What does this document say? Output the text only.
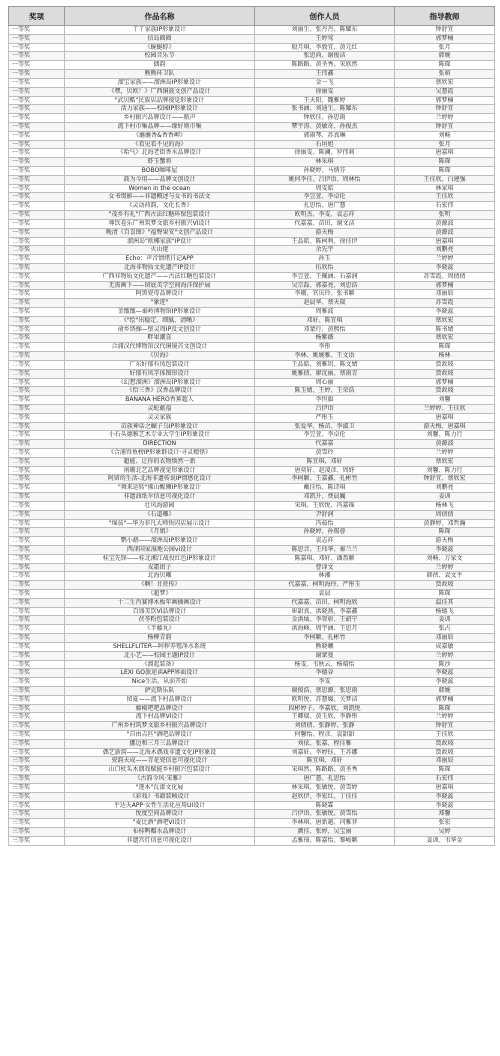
奖项	作品名称	创作人员	指导教师
一等奖	丫丫家族IP形象设计	刘丽生、张丹丹、陈耀东	钟舒宜
一等奖	信岛圈圈	王婷莺	郭梦楠
一等奖	《蜿蜒蜉》	殷月琪、李敦宜、黄元红	张月
一等奖	校园音乐节	张思尚、谢俊洁	韩婉
一等奖	偶韵	陈路路、黄圣秀、宋欣然	陈琛
一等奖	熊熊环卫队	王伟鑫	张萌
一等奖	溜宝家族——溜洲岛IP形象设计	金一飞	蔡欣宏
一等奖	《嘿，贝欧！》广西铜鼓文创产品设计	徐丽雯	吴慧霞
一等奖	"武贝酷"民族店品牌视觉形象设计	王天阳、魏雅婷	郭梦楠
一等奖	活力家族——校园IP形象设计	张书涵、刘迪生、陈耀东	钟舒宜
一等奖	乡村振兴品牌设计——瓶声	钟欣佳、孙思雨	兰婷婷
一等奖	流下村市集品牌——缘好则市集	覃宇涛、黄敏奇、孙俊杰	钟舒宜
一等奖	《蘸蘸香&香香岬》	郭雨琴、苏真琳	刘畅
一等奖	《看见看不见的海》	石垣旭	张月
一等奖	《哈气》北海老街香水品牌设计	徐丽雯、陈澜、罗伟莉	唐嘉琪
一等奖	虾玉蟹将	林采琪	陈琛
一等奖	BOBO咖啡屋	孙晓婷、马炳芬	陈琛
一等奖	鼓为今用——品牌文创设计	姚何李佳、吕伊语、周林怡	王佳欣、白建强
一等奖	Women in the ocean	周雯皓	林家琪
一等奖	女书缀影——非遗概述与女书的书法文	李昱萱、李卓伦	王佳欣
一等奖	《灵动荷韵，文化长香》	孔思怡、唐广慧	石宏伟
一等奖	"茂乡有礼"广西古法红糖环保包装设计	欧明杰、李雯、袁志祥	张明
一等奖	尊饮卷乐广州筑梦文旅乡村振兴VI设计	代嘉嘉、苗田、谢文洁	黄源波
一等奖	晚清《百喜图》"福臀果安"文创产品设计	游天梅	黄源波
二等奖	溜洲岛"欧椰家族"IP设计	王品皓、陈柯利、徐佳伊	唐嘉琪
二等奖	火山佬	余先宇	刘鹏亮
二等奖	Echo：声音情绪日记APP	孙玉	兰婷婷
二等奖	北海非物质文化遗产IP设计	伍欣怡	李晓蕊
二等奖	广西非物质文化遗产——古法红糖包装设计	李昱萱、王佩涵、石嘉润	苏雪霞、周倩倩
二等奖	无需画下——留底美学空间海洋保护展	吴宗磊、郭嘉亮、刘思浩	郭梦楠
二等奖	阿黑瓷母品牌设计	李珊、官庆玲、张书颖	邓丽辰
二等奖	"象迹"	赵晨华、蔡天瑞	苏雪霞
二等奖	釜甑甑—秦岭博物馆IP形象设计	周雅波	李晓蕊
二等奖	《"绘"出稳定、细腻、清晰》	邓轩、陈宜琪	蔡欣宏
二等奖	俞乡绣操—壁灵周IP及文创设计	邓蒙行、黄熙怡	陈书婧
二等奖	畔果潮喜	杨紫薇	蔡欣宏
二等奖	合浦汉代博物馆汉代铜镜首文创设计	李彤	陈琛
二等奖	《贝海》	李林、姚婉雅、王文语	杨林
二等奖	广东好郁有凤包装设计	王品皓、刘雅玥、陈文婧	贾政坡
二等奖	好郁有凤字体图形设计	姚雅倩、廖沈丽、蔡雨青	贾政坡
二等奖	《幻想溜洲》溜洲岛IP形象设计	周心丽	郭梦楠
二等奖	《恰三香》汉香品牌设计	陈玉婧、王婷、王荣浩	贾政坡
二等奖	BANANA HERO香蕉超人	李恒旗	刘馨
二等奖	灵蛇献福	吕伊语	兰婷婷、王佳欣
二等奖	灵灵家族	严彤玉	唐嘉琪
二等奖	苗族神话之蝴子乌IP形象设计	张爱华、杨苗、李淑卫	游天梅、唐嘉琪
二等奖	小石头德雅艺术专业大学生IP形象设计	李昱萱、李卓伦	刘馨、陈力行
二等奖	DIRECTION	代嘉嘉	黄源波
二等奖	《合浦得鱼榜IP形象群设计·寻灵精怪》	黄雪玲	兰婷婷
二等奖	超能、让你的衣物焕然一新	陈宜琪、邓轩	蔡欣宏
二等奖	南珊北艺品牌视觉形象设计	唐奕轩、赵凌彦、周妤	刘馨、陈力行
二等奖	阿留的生活-北海非遗传说IP情感化设计	李柯颖、王嘉鑫、孔彬竹	钟舒宜、蔡欣宏
二等奖	"舞来运转"佛山醒狮IP形象设计	戴佳怡、陈诗琪	刘鹏亮
二等奖	非遗油纸伞信息可视化设计	邓凯升、费晨巍	姜训
二等奖	壮风海游园	宋琪、王欣悦、冯嘉瑶	杨林飞
二等奖	《石道雕》	尹舒润	周倩倩
二等奖	"绵茄"—华为非凡大师快闪店展示设计	冯茹怡	黄静婷、邓哲瀚
二等奖	《月娘》	孙晓婷、孙锡蓉	陈琛
二等奖	鹦小鹉——溜洲岛IP形象设计	袁志祥	游天梅
二等奖	西津国家湿地公园vi设计	陈思音、王玮华、秦兰兰	李晓蕊
二等奖	桂宝先锋——桂北湘江战役红色IP形象设计	陈嘉琪、邓轩、潘盈颖	刘畅、万家文
二等奖	戎霜团子	曹译文	兰婷婷
二等奖	北海贝雕	林湘	韩蓓、袁文平
二等奖	《啊！甘蔗传》	代嘉嘉、柯明海玲、严彤玉	贾政坡
二等奖	《超梦》	袁晨	陈琛
二等奖	十二生肖赛博木板年画插画设计	代嘉嘉、苗田、柯明海欣	温佳其
二等奖	百盛美饮VI品牌设计	崔甜真、洪晓燕、李嘉鑫	杨德飞
二等奖	茯苓粉包装设计	金洪灿、李智彰、王韶宁	姜训
二等奖	《半藤丸》	洪海峰、周宇涵、王思月	张占
二等奖	杨柳青韵	李柯颖、孔彬竹	邓丽辰
二等奖	SHELLFLITER—阿秽养殖净水系统	熊晓曦	成嘉敏
二等奖	北小艺——校园主题IP设计	谢蒙曼	兰婷婷
二等奖	《溜起装备》	杨雯、韦秋云、杨晴怡	陈沙
二等奖	LEXI GO旅途读APP界面设计	李德谷	李晓蕊
二等奖	Nice生活，从而开始	李雯	李晓蕊
三等奖	萨克斯乐队	谢俊浩、蔡思源、张思雨	韩婉
三等奖	留夏——流下村品牌设计	欧明悦、苏慧媛、关梦洁	郭梦楠
三等奖	藤椒吧吧品牌设计	段彬婷子、李嘉欣、刘凯悦	陈琛
三等奖	流下村品牌VI设计	王卿瑞、黄玉欣、李静彤	兰婷婷
三等奖	广州乡村筑梦文旅乡村振兴品牌设计	刘倩倩、张静婷、张静	钟舒宜
三等奖	"自由吉匹"酒吧品牌设计	何馨怡、程彦、袁甜甜	王佳欣
三等奖	挪边和三月三品牌设计	刘依、张嘉、程佳雅	贾政坡
三等奖	偶艺新韵——北海木偶戏非遗文化IP形象设	刘嘉轩、李婷钰、王苏娜	贾政坡
三等奖	瓷韵天成——青花瓷信息可视化设计	陈宜琪、邓轩	邓丽辰
三等奖	山口杖头木偶戏赋能乡村振兴包装设计	宋琪然、陈路路、黄圣秀	陈琛
三等奖	《古韵今风·宋雅》	唐广慧、孔思怡	石宏伟
三等奖	"逐木"瓦漆文化展	林采琪、张敏悦、黄雪婷	唐嘉琪
三等奖	《彩戏》书籍装帧设计	赵欣伊、李宏红、丁佳佳	李晓蕊
三等奖	平达天APP·女性生活化应用UI设计	陈晓霖	李晓蕊
三等奖	悦度空间品牌设计	吕伊语、张敏悦、黄雪怡	郑馨
三等奖	"麦比酒"酒吧VI设计	李林琪、唐新越、闫雅菲	张宏
三等奖	布桂鸭瓣水品牌设计	颜佳、张婷、吴宝丽	吴婷
三等奖	非遗宫灯信息可视化设计	孟雅琦、陈嘉怡、黎峻颖	姜训、韦华金
